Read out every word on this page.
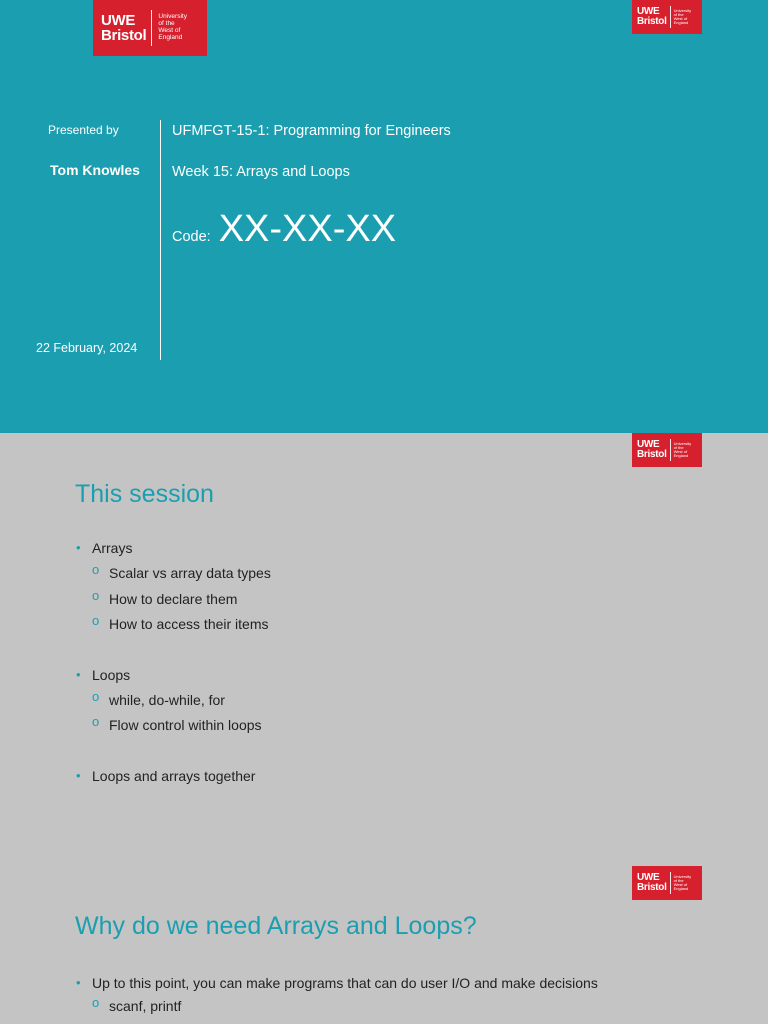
UWE
Bristol
University
of the
West of
England
UWE
Bristol
University
of the
West of
England
Presented by
Tom Knowles
22 February, 2024
UFMFGT-15-1: Programming for Engineers
Week 15: Arrays and Loops
Code: XX-XX-XX
UWE
Bristol
University
of the
West of
England
This session
• Arrays
o Scalar vs array data types
o How to declare them
o How to access their items
• Loops
o while, do-while, for
o Flow control within loops
• Loops and arrays together
UWE
Bristol
University
of the
West of
England
Why do we need Arrays and Loops?
• Up to this point, you can make programs that can do user I/O and make decisions
o scanf, printf
